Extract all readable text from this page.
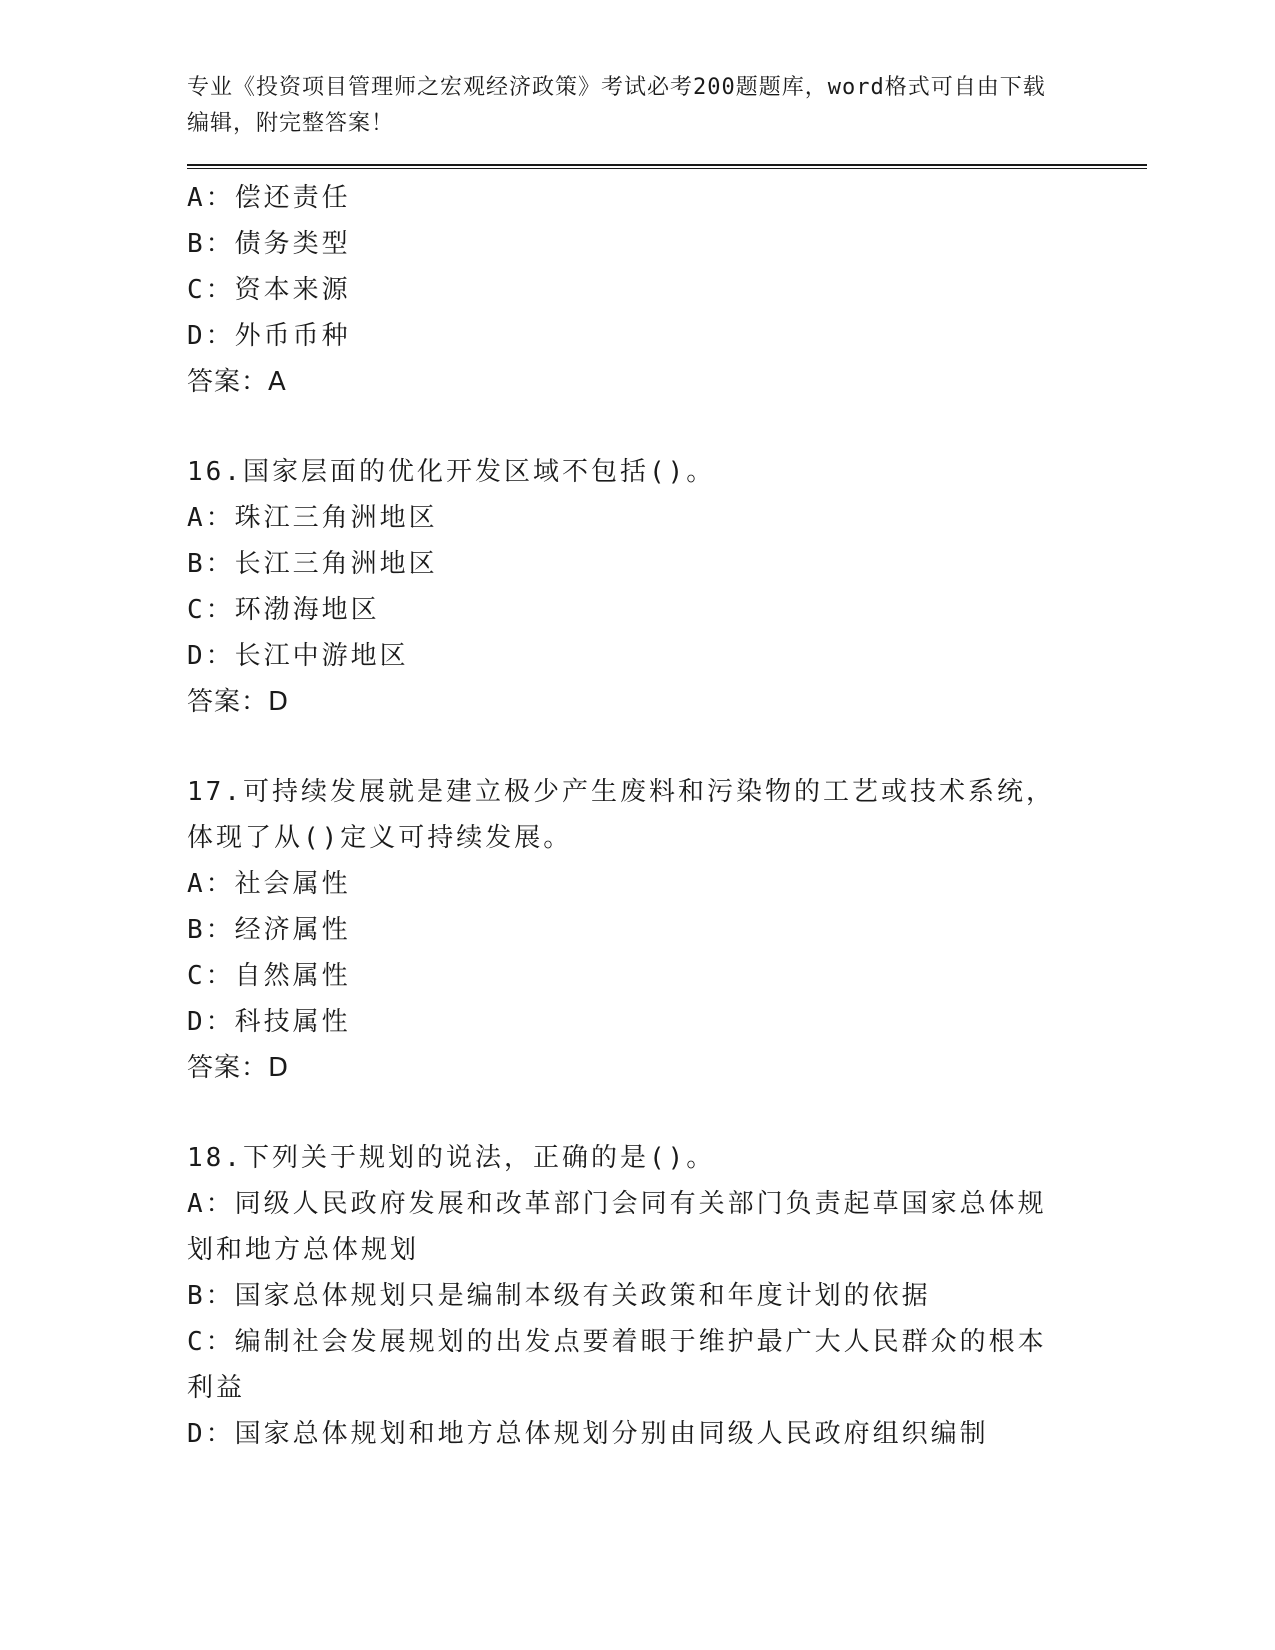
专业《投资项目管理师之宏观经济政策》考试必考200题题库，word格式可自由下载编辑，附完整答案！
A：偿还责任
B：债务类型
C：资本来源
D：外币币种
答案：A
16.国家层面的优化开发区域不包括()。
A：珠江三角洲地区
B：长江三角洲地区
C：环渤海地区
D：长江中游地区
答案：D
17.可持续发展就是建立极少产生废料和污染物的工艺或技术系统，体现了从()定义可持续发展。
A：社会属性
B：经济属性
C：自然属性
D：科技属性
答案：D
18.下列关于规划的说法，正确的是()。
A：同级人民政府发展和改革部门会同有关部门负责起草国家总体规划和地方总体规划
B：国家总体规划只是编制本级有关政策和年度计划的依据
C：编制社会发展规划的出发点要着眼于维护最广大人民群众的根本利益
D：国家总体规划和地方总体规划分别由同级人民政府组织编制
